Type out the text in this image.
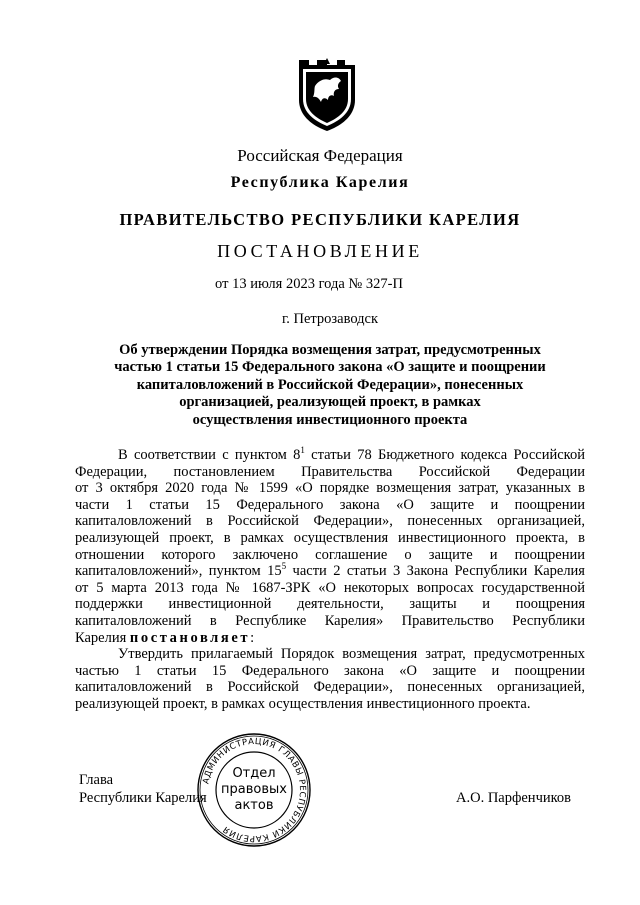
Российская Федерация
Республика Карелия
ПРАВИТЕЛЬСТВО РЕСПУБЛИКИ КАРЕЛИЯ
ПОСТАНОВЛЕНИЕ
от 13 июля 2023 года № 327-П
г. Петрозаводск
Об утверждении Порядка возмещения затрат, предусмотренных
частью 1 статьи 15 Федерального закона «О защите и поощрении
капиталовложений в Российской Федерации», понесенных
организацией, реализующей проект, в рамках
осуществления инвестиционного проекта
В соответствии с пунктом $8^1$ статьи 78 Бюджетного кодекса Российской
Федерации, постановлением Правительства Российской Федерации
от 3 октября 2020 года № 1599 «О порядке возмещения затрат, указанных в
части 1 статьи 15 Федерального закона «О защите и поощрении
капиталовложений в Российской Федерации», понесенных организацией,
реализующей проект, в рамках осуществления инвестиционного проекта, в
отношении которого заключено соглашение о защите и поощрении
капиталовложений», пунктом $15^5$ части 2 статьи 3 Закона Республики Карелия
от 5 марта 2013 года № 1687-ЗРК «О некоторых вопросах государственной
поддержки инвестиционной деятельности, защиты и поощрения
капиталовложений в Республике Карелия» Правительство Республики
Карелия постановляет:
Утвердить прилагаемый Порядок возмещения затрат, предусмотренных
частью 1 статьи 15 Федерального закона «О защите и поощрении
капиталовложений в Российской Федерации», понесенных организацией,
реализующей проект, в рамках осуществления инвестиционного проекта.
Глава
Республики Карелия	А.О. Парфенчиков
АДМИНИСТРАЦИЯ ГЛАВЫ РЕСПУБЛИКИ КАРЕЛИЯ
Отдел
правовых
актов
